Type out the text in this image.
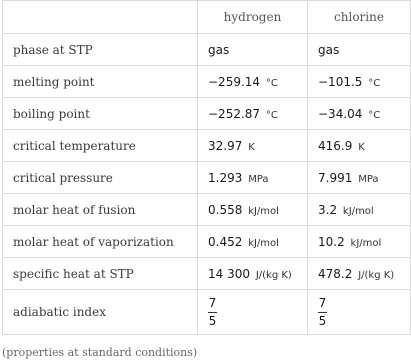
	hydrogen	chlorine
phase at STP	gas	gas
melting point	−259.14 °C	−101.5 °C
boiling point	−252.87 °C	−34.04 °C
critical temperature	32.97 K	416.9 K
critical pressure	1.293 MPa	7.991 MPa
molar heat of fusion	0.558 kJ/mol	3.2 kJ/mol
molar heat of vaporization	0.452 kJ/mol	10.2 kJ/mol
specific heat at STP	14 300 J/(kg K)	478.2 J/(kg K)
adiabatic index	$\frac{7}{5}$	$\frac{7}{5}$
(properties at standard conditions)
